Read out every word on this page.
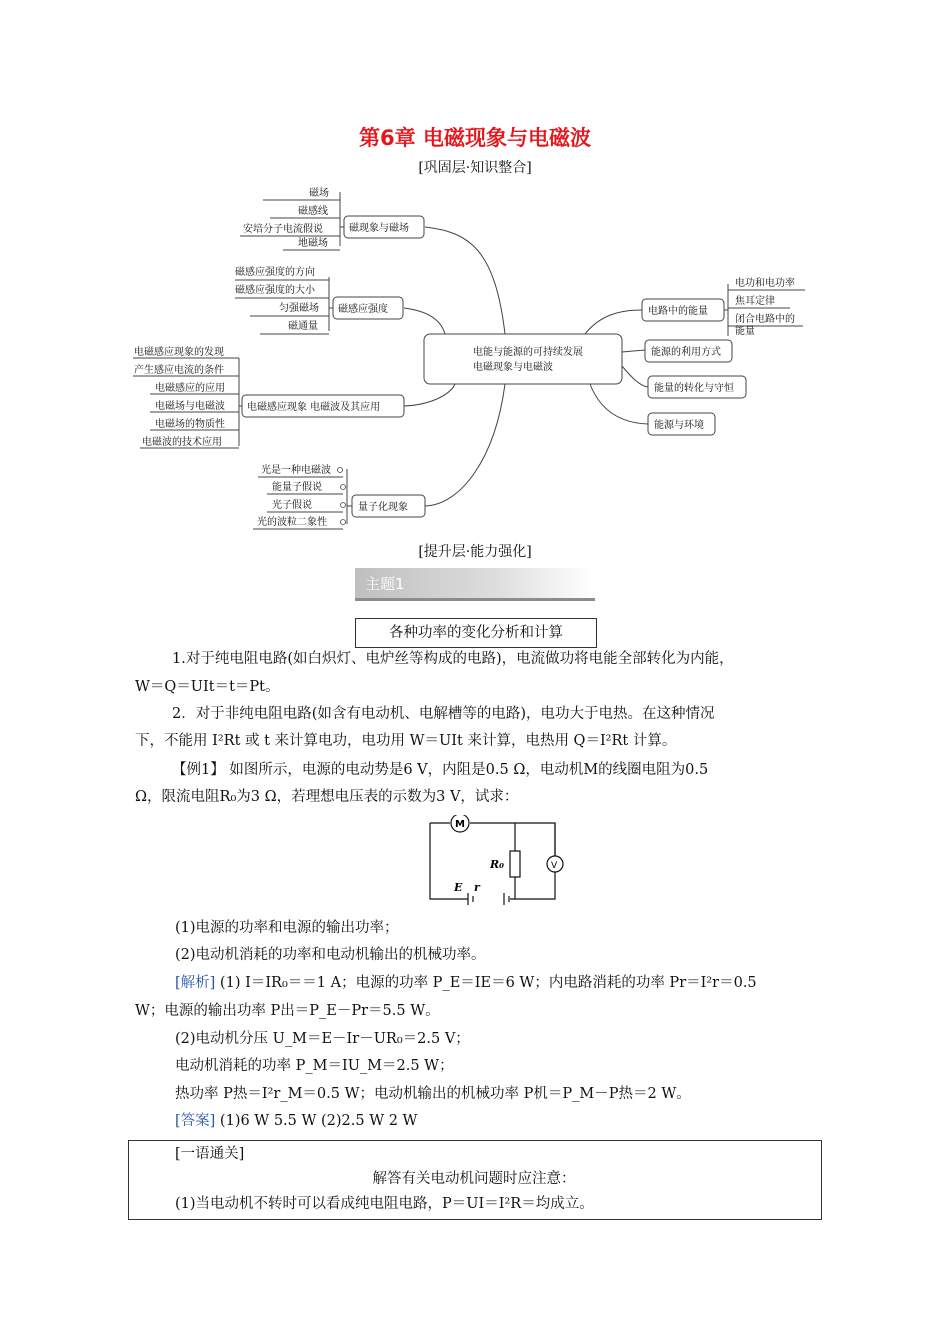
第6章 电磁现象与电磁波
[巩固层·知识整合]
电能与能源的可持续发展
电磁现象与电磁波
磁现象与磁场
磁场
磁感线
安培分子电流假说
地磁场
磁感应强度
磁感应强度的方向
磁感应强度的大小
匀强磁场
磁通量
电磁感应现象 电磁波及其应用
电磁感应现象的发现
产生感应电流的条件
电磁感应的应用
电磁场与电磁波
电磁场的物质性
电磁波的技术应用
量子化现象
光是一种电磁波
能量子假说
光子假说
光的波粒二象性
电路中的能量
电功和电功率
焦耳定律
闭合电路中的
能量
能源的利用方式
能量的转化与守恒
能源与环境
[提升层·能力强化]
主题1
各种功率的变化分析和计算
1.对于纯电阻电路(如白炽灯、电炉丝等构成的电路)，电流做功将电能全部转化为内能，
W＝Q＝UIt＝t＝Pt。
2．对于非纯电阻电路(如含有电动机、电解槽等的电路)，电功大于电热。在这种情况
下，不能用 I²Rt 或 t 来计算电功，电功用 W＝UIt 来计算，电热用 Q＝I²Rt 计算。
【例1】 如图所示，电源的电动势是6 V，内阻是0.5 Ω，电动机M的线圈电阻为0.5
Ω，限流电阻R₀为3 Ω，若理想电压表的示数为3 V，试求：
M
R₀	V
E r
(1)电源的功率和电源的输出功率；
(2)电动机消耗的功率和电动机输出的机械功率。
[解析] (1) I＝IR₀＝＝1 A；电源的功率 P_E＝IE＝6 W；内电路消耗的功率 Pr＝I²r＝0.5
W；电源的输出功率 P出＝P_E－Pr＝5.5 W。
(2)电动机分压 U_M＝E－Ir－UR₀＝2.5 V；
电动机消耗的功率 P_M＝IU_M＝2.5 W；
热功率 P热＝I²r_M＝0.5 W；电动机输出的机械功率 P机＝P_M－P热＝2 W。
[答案] (1)6 W 5.5 W (2)2.5 W 2 W
[一语通关]
解答有关电动机问题时应注意：
(1)当电动机不转时可以看成纯电阻电路，P＝UI＝I²R＝均成立。
